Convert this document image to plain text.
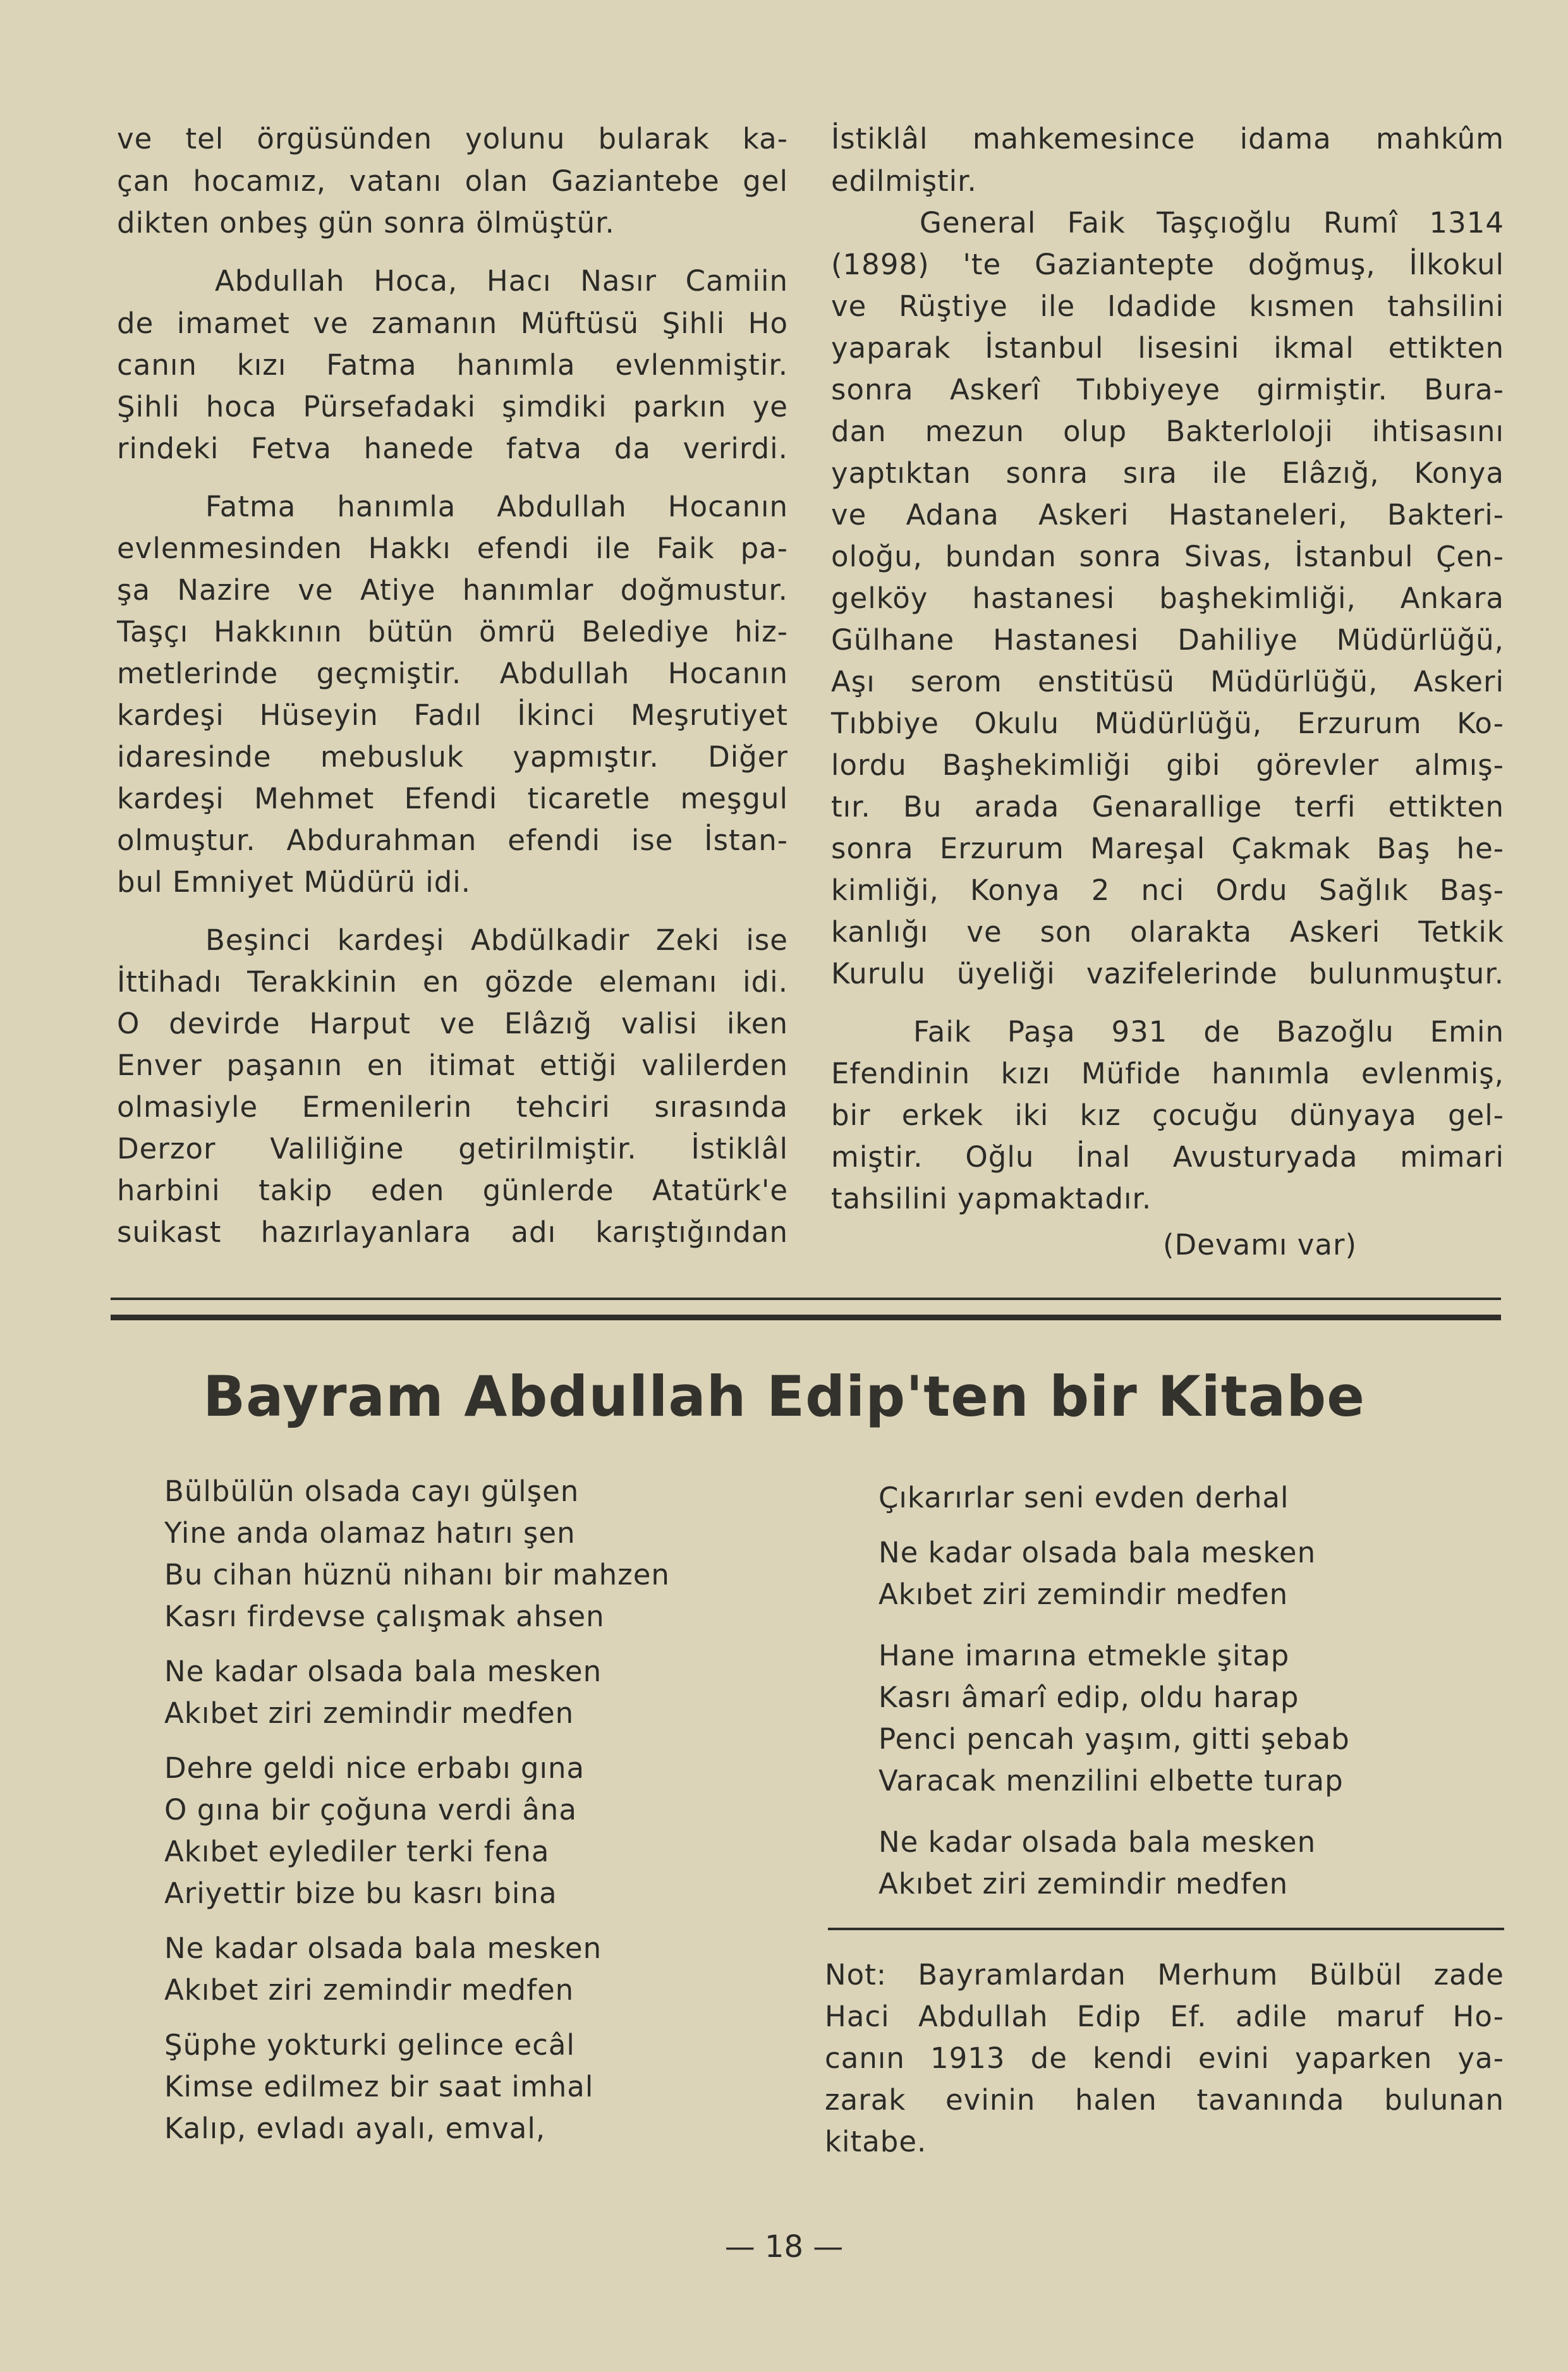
ve tel örgüsünden yolunu bularak ka-
çan hocamız, vatanı olan Gaziantebe gel
dikten onbeş gün sonra ölmüştür.
Abdullah Hoca, Hacı Nasır Camiin
de imamet ve zamanın Müftüsü Şihli Ho
canın kızı Fatma hanımla evlenmiştir.
Şihli hoca Pürsefadaki şimdiki parkın ye
rindeki Fetva hanede fatva da verirdi.
Fatma hanımla Abdullah Hocanın
evlenmesinden Hakkı efendi ile Faik pa-
şa Nazire ve Atiye hanımlar doğmustur.
Taşçı Hakkının bütün ömrü Belediye hiz-
metlerinde geçmiştir. Abdullah Hocanın
kardeşi Hüseyin Fadıl İkinci Meşrutiyet
idaresinde mebusluk yapmıştır. Diğer
kardeşi Mehmet Efendi ticaretle meşgul
olmuştur. Abdurahman efendi ise İstan-
bul Emniyet Müdürü idi.
Beşinci kardeşi Abdülkadir Zeki ise
İttihadı Terakkinin en gözde elemanı idi.
O devirde Harput ve Elâzığ valisi iken
Enver paşanın en itimat ettiği valilerden
olmasiyle Ermenilerin tehciri sırasında
Derzor Valiliğine getirilmiştir. İstiklâl
harbini takip eden günlerde Atatürk'e
suikast hazırlayanlara adı karıştığından
İstiklâl mahkemesince idama mahkûm
edilmiştir.
General Faik Taşçıoğlu Rumî 1314
(1898) 'te Gaziantepte doğmuş, İlkokul
ve Rüştiye ile Idadide kısmen tahsilini
yaparak İstanbul lisesini ikmal ettikten
sonra Askerî Tıbbiyeye girmiştir. Bura-
dan mezun olup Bakterloloji ihtisasını
yaptıktan sonra sıra ile Elâzığ, Konya
ve Adana Askeri Hastaneleri, Bakteri-
oloğu, bundan sonra Sivas, İstanbul Çen-
gelköy hastanesi başhekimliği, Ankara
Gülhane Hastanesi Dahiliye Müdürlüğü,
Aşı serom enstitüsü Müdürlüğü, Askeri
Tıbbiye Okulu Müdürlüğü, Erzurum Ko-
lordu Başhekimliği gibi görevler almış-
tır. Bu arada Genarallige terfi ettikten
sonra Erzurum Mareşal Çakmak Baş he-
kimliği, Konya 2 nci Ordu Sağlık Baş-
kanlığı ve son olarakta Askeri Tetkik
Kurulu üyeliği vazifelerinde bulunmuştur.
Faik Paşa 931 de Bazoğlu Emin
Efendinin kızı Müfide hanımla evlenmiş,
bir erkek iki kız çocuğu dünyaya gel-
miştir. Oğlu İnal Avusturyada mimari
tahsilini yapmaktadır.
(Devamı var)
Bayram Abdullah Edip'ten bir Kitabe
Bülbülün olsada cayı gülşen
Yine anda olamaz hatırı şen
Bu cihan hüznü nihanı bir mahzen
Kasrı firdevse çalışmak ahsen
Ne kadar olsada bala mesken
Akıbet ziri zemindir medfen
Dehre geldi nice erbabı gına
O gına bir çoğuna verdi âna
Akıbet eylediler terki fena
Ariyettir bize bu kasrı bina
Ne kadar olsada bala mesken
Akıbet ziri zemindir medfen
Şüphe yokturki gelince ecâl
Kimse edilmez bir saat imhal
Kalıp, evladı ayalı, emval,
Çıkarırlar seni evden derhal
Ne kadar olsada bala mesken
Akıbet ziri zemindir medfen
Hane imarına etmekle şitap
Kasrı âmarî edip, oldu harap
Penci pencah yaşım, gitti şebab
Varacak menzilini elbette turap
Ne kadar olsada bala mesken
Akıbet ziri zemindir medfen
Not: Bayramlardan Merhum Bülbül zade
Haci Abdullah Edip Ef. adile maruf Ho-
canın 1913 de kendi evini yaparken ya-
zarak evinin halen tavanında bulunan
kitabe.
— 18 —
